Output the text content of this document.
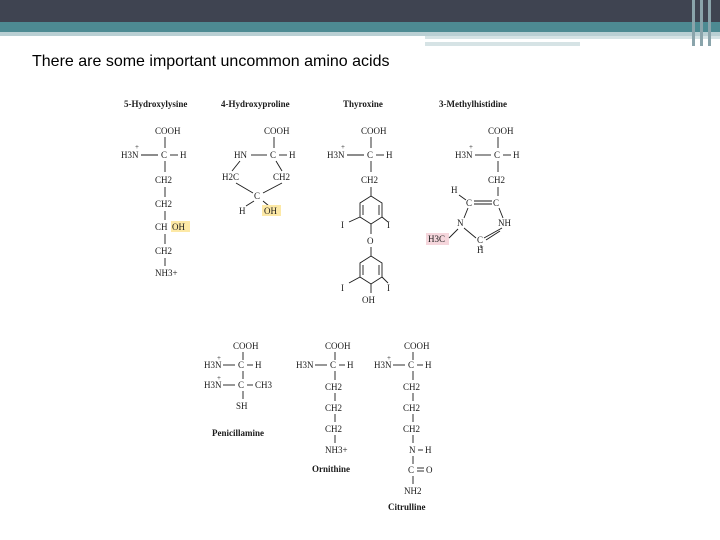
There are some important uncommon amino acids
5-Hydroxylysine
COOH
H3N
+
C H
CH2
CH2
CH OH
CH2
NH3+
4-Hydroxyproline
COOH
HN	C H
H2C	CH2
C
H OH
Thyroxine
COOH
H3N
+
C H
CH2
I	I
O
I	I
OH
3-Methylhistidine
COOH
H3N
+
C H
CH2
H
C C
N	NH
H3C	C
H
COOH
H3N
+
C H
H3N
+
C CH3
SH
Penicillamine
COOH
H3N C H
CH2
CH2
CH2
NH3+
Ornithine
COOH
H3N
+
C H
CH2
CH2
CH2
N H
C O
NH2
Citrulline
